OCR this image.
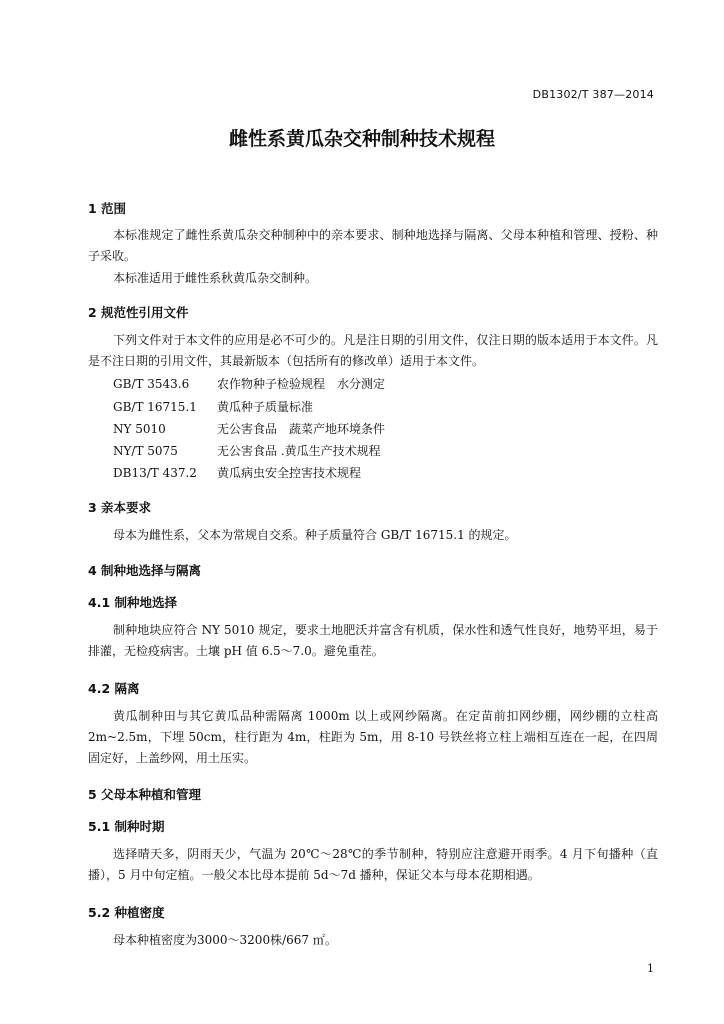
DB1302/T 387—2014
雌性系黄瓜杂交种制种技术规程
1 范围
本标准规定了雌性系黄瓜杂交种制种中的亲本要求、制种地选择与隔离、父母本种植和管理、授粉、种子采收。
本标准适用于雌性系秋黄瓜杂交制种。
2 规范性引用文件
下列文件对于本文件的应用是必不可少的。凡是注日期的引用文件，仅注日期的版本适用于本文件。凡是不注日期的引用文件，其最新版本（包括所有的修改单）适用于本文件。
GB/T 3543.6 农作物种子检验规程　水分测定
GB/T 16715.1 黄瓜种子质量标准
NY 5010	无公害食品　蔬菜产地环境条件
NY/T 5075	无公害食品 .黄瓜生产技术规程
DB13/T 437.2 黄瓜病虫安全控害技术规程
3 亲本要求
母本为雌性系，父本为常规自交系。种子质量符合 GB/T 16715.1 的规定。
4 制种地选择与隔离
4.1 制种地选择
制种地块应符合 NY 5010 规定，要求土地肥沃并富含有机质，保水性和透气性良好，地势平坦，易于排灌，无检疫病害。土壤 pH 值 6.5～7.0。避免重茬。
4.2 隔离
黄瓜制种田与其它黄瓜品种需隔离 1000m 以上或网纱隔离。在定苗前扣网纱棚，网纱棚的立柱高 2m~2.5m，下埋 50cm，柱行距为 4m，柱距为 5m，用 8-10 号铁丝将立柱上端相互连在一起，在四周固定好，上盖纱网，用土压实。
5 父母本种植和管理
5.1 制种时期
选择晴天多，阴雨天少，气温为 20℃～28℃的季节制种，特别应注意避开雨季。4 月下旬播种（直播），5 月中旬定植。一般父本比母本提前 5d～7d 播种，保证父本与母本花期相遇。
5.2 种植密度
母本种植密度为3000～3200株/667 ㎡。
1
